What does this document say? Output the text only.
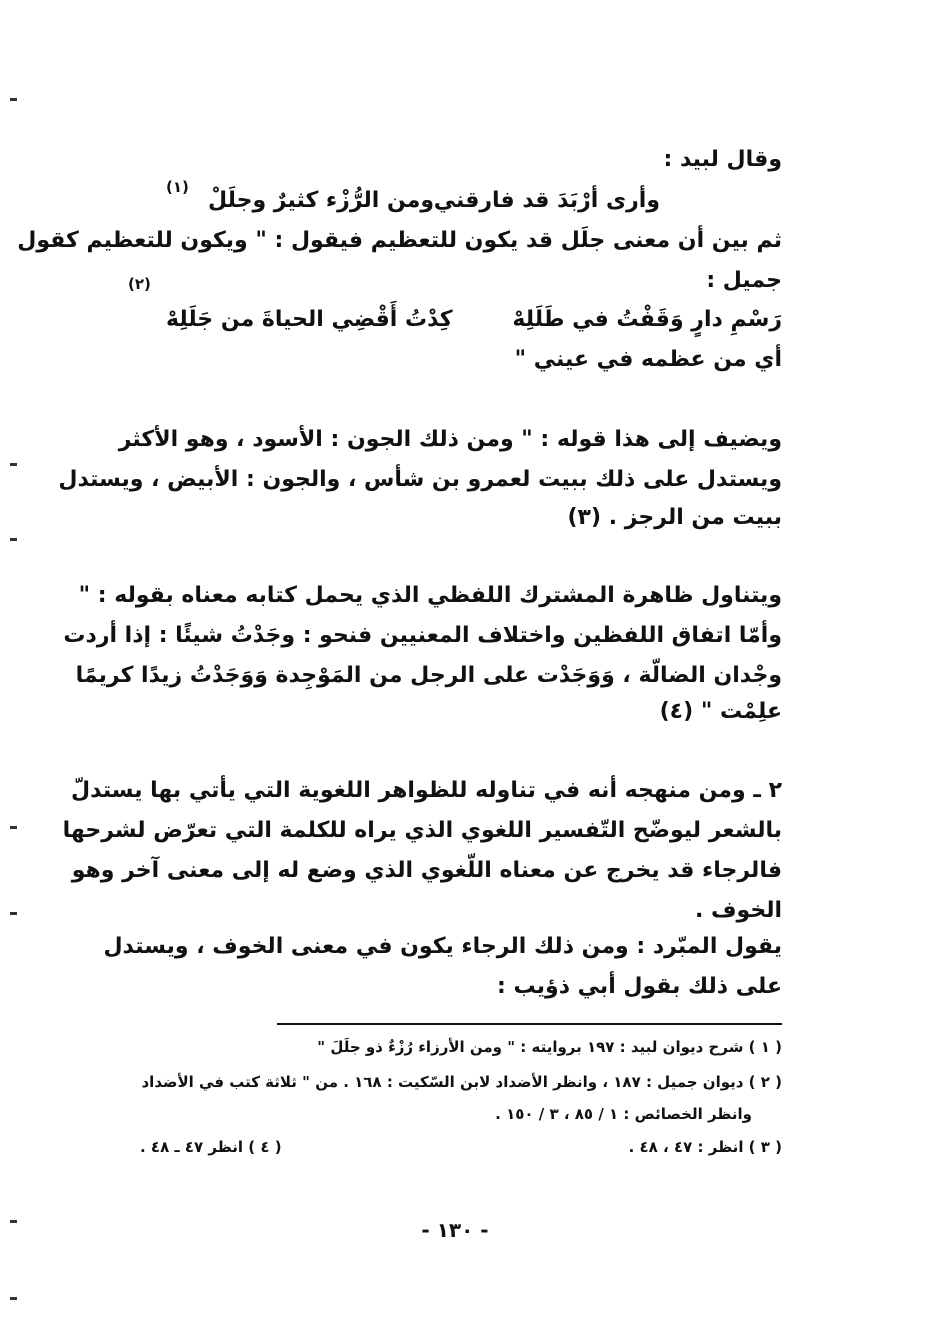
وقال لبيد :
وأرى أرْبَدَ قد فارقني
ومن الرُّزْء كثيرٌ وجلَلْ
(١)
ثم بين أن معنى جلَل قد يكون للتعظيم فيقول : " ويكون للتعظيم كقول
جميل :
(٢)
رَسْمِ دارٍ وَقَفْتُ في طَلَلِهْ
كِدْتُ أَقْضِي الحياةَ من جَلَلِهْ
أي من عظمه في عيني "
ويضيف إلى هذا قوله : " ومن ذلك الجون : الأسود ، وهو الأكثر
ويستدل على ذلك ببيت لعمرو بن شأس ، والجون : الأبيض ، ويستدل
ببيت من الرجز . (٣)
ويتناول ظاهرة المشترك اللفظي الذي يحمل كتابه معناه بقوله : "
وأمّا اتفاق اللفظين واختلاف المعنيين فنحو : وجَدْتُ شيئًا : إذا أردت
وجْدان الضالّة ، وَوَجَدْت على الرجل من المَوْجِدة وَوَجَدْتُ زيدًا كريمًا
علِمْت " (٤)
٢ ـ ومن منهجه أنه في تناوله للظواهر اللغوية التي يأتي بها يستدلّ
بالشعر ليوضّح التّفسير اللغوي الذي يراه للكلمة التي تعرّض لشرحها
فالرجاء قد يخرج عن معناه اللّغوي الذي وضع له إلى معنى آخر وهو
الخوف .
يقول المبّرد : ومن ذلك الرجاء يكون في معنى الخوف ، ويستدل
على ذلك بقول أبي ذؤيب :
( ١ ) شرح ديوان لبيد : ١٩٧ بروايته : " ومن الأرزاء رُزْءٌ ذو جلَلَ "
( ٢ ) ديوان جميل : ١٨٧ ، وانظر الأضداد لابن السّكيت : ١٦٨ . من " ثلاثة كتب في الأضداد
وانظر الخصائص : ١ / ٨٥ ، ٣ / ١٥٠ .
( ٣ ) انظر : ٤٧ ، ٤٨ .
( ٤ ) انظر ٤٧ ـ ٤٨ .
- ١٣٠ -
